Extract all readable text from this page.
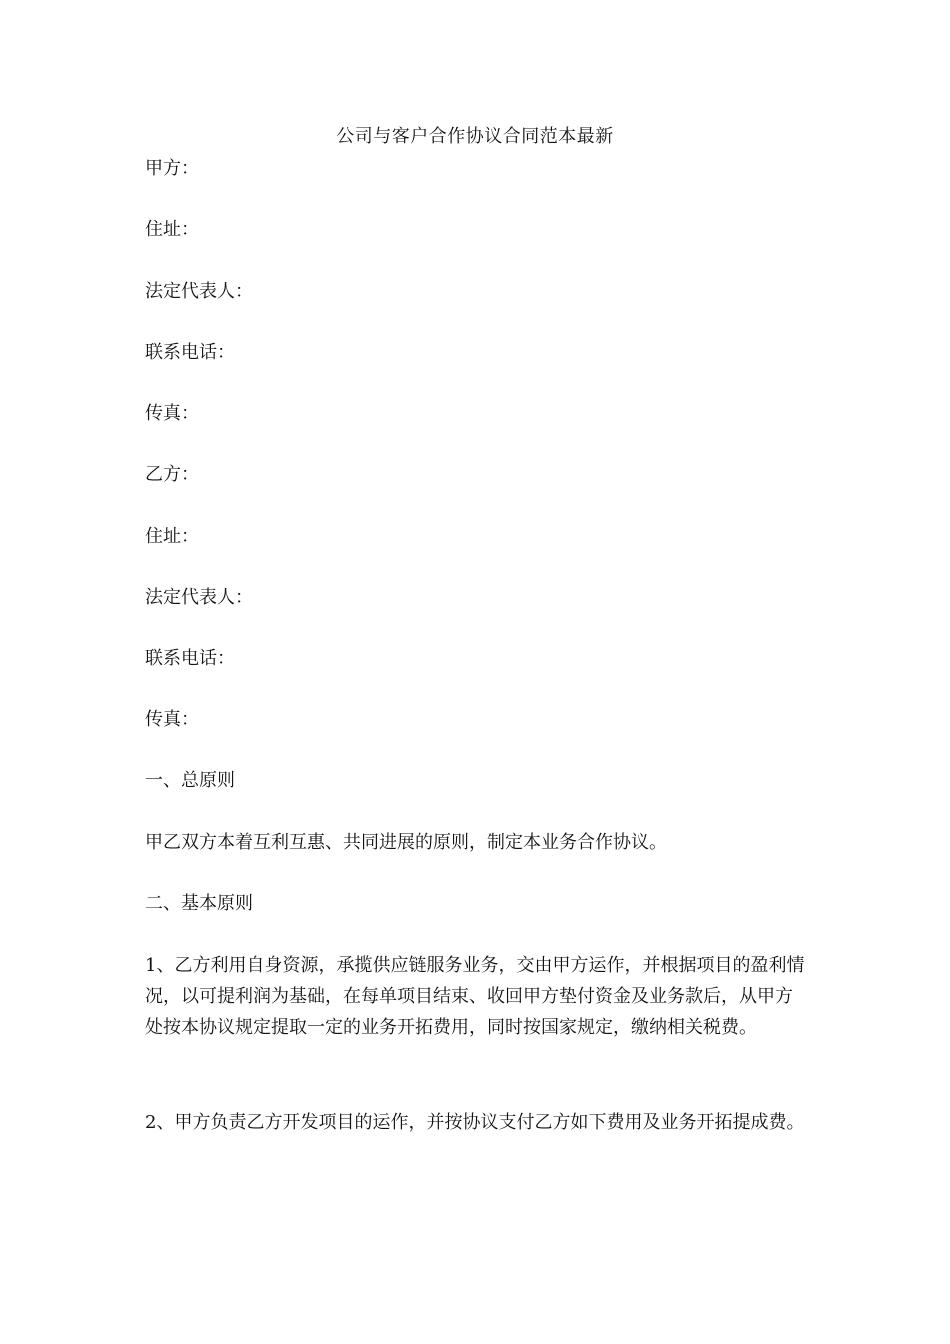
公司与客户合作协议合同范本最新
甲方：
住址：
法定代表人：
联系电话：
传真：
乙方：
住址：
法定代表人：
联系电话：
传真：
一、总原则
甲乙双方本着互利互惠、共同进展的原则，制定本业务合作协议。
二、基本原则
1、乙方利用自身资源，承揽供应链服务业务，交由甲方运作，并根据项目的盈利情况，以可提利润为基础，在每单项目结束、收回甲方垫付资金及业务款后，从甲方处按本协议规定提取一定的业务开拓费用，同时按国家规定，缴纳相关税费。
2、甲方负责乙方开发项目的运作，并按协议支付乙方如下费用及业务开拓提成费。
